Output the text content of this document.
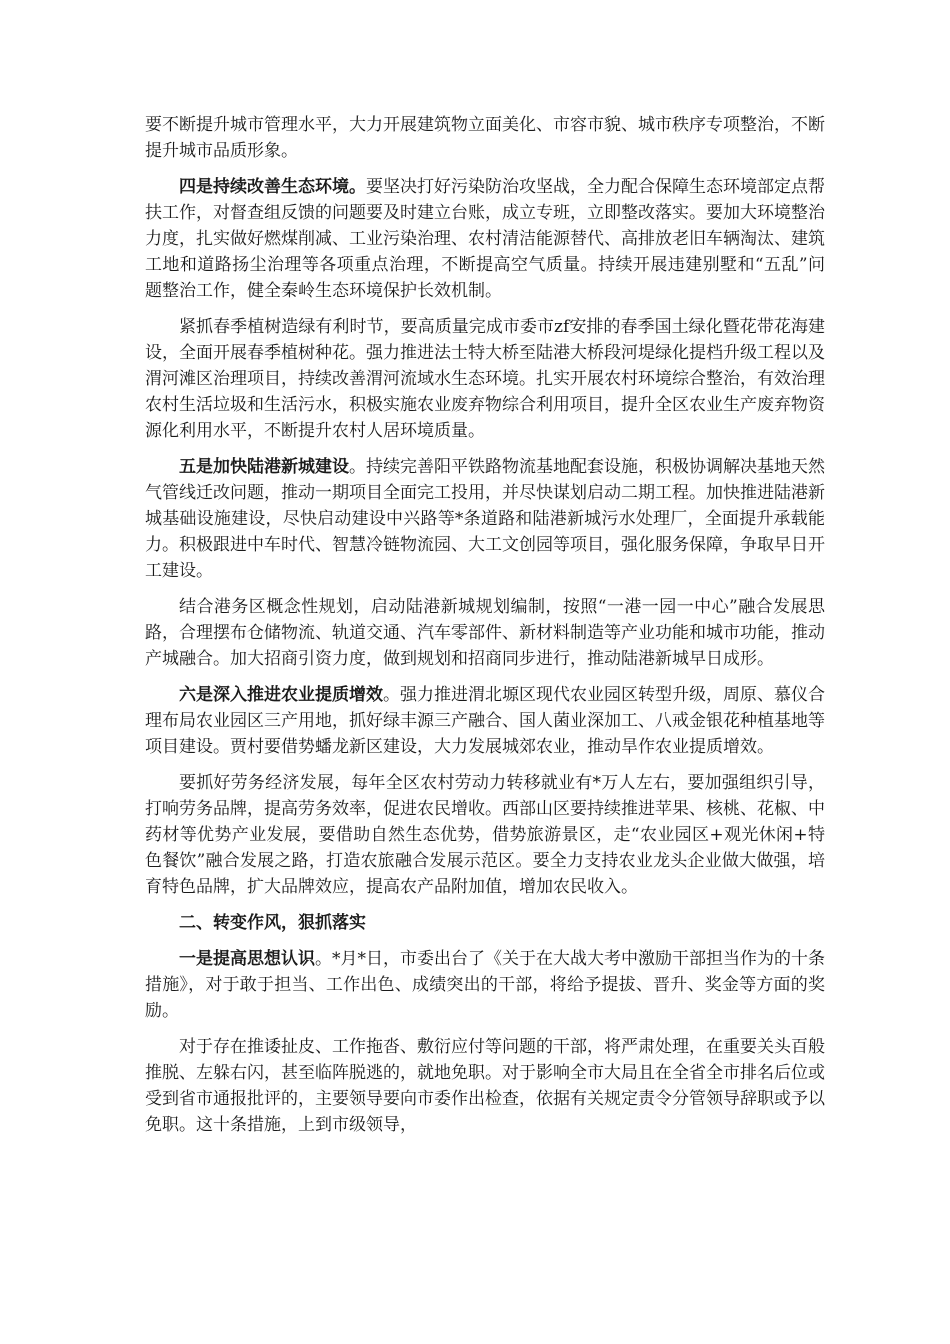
要不断提升城市管理水平，大力开展建筑物立面美化、市容市貌、城市秩序专项整治，不断提升城市品质形象。

四是持续改善生态环境。要坚决打好污染防治攻坚战，全力配合保障生态环境部定点帮扶工作，对督查组反馈的问题要及时建立台账，成立专班，立即整改落实。要加大环境整治力度，扎实做好燃煤削减、工业污染治理、农村清洁能源替代、高排放老旧车辆淘汰、建筑工地和道路扬尘治理等各项重点治理，不断提高空气质量。持续开展违建别墅和“五乱”问题整治工作，健全秦岭生态环境保护长效机制。

紧抓春季植树造绿有利时节，要高质量完成市委市zf安排的春季国土绿化暨花带花海建设，全面开展春季植树种花。强力推进法士特大桥至陆港大桥段河堤绿化提档升级工程以及渭河滩区治理项目，持续改善渭河流域水生态环境。扎实开展农村环境综合整治，有效治理农村生活垃圾和生活污水，积极实施农业废弃物综合利用项目，提升全区农业生产废弃物资源化利用水平，不断提升农村人居环境质量。

五是加快陆港新城建设。持续完善阳平铁路物流基地配套设施，积极协调解决基地天然气管线迁改问题，推动一期项目全面完工投用，并尽快谋划启动二期工程。加快推进陆港新城基础设施建设，尽快启动建设中兴路等*条道路和陆港新城污水处理厂，全面提升承载能力。积极跟进中车时代、智慧冷链物流园、大工文创园等项目，强化服务保障，争取早日开工建设。

结合港务区概念性规划，启动陆港新城规划编制，按照“一港一园一中心”融合发展思路，合理摆布仓储物流、轨道交通、汽车零部件、新材料制造等产业功能和城市功能，推动产城融合。加大招商引资力度，做到规划和招商同步进行，推动陆港新城早日成形。

六是深入推进农业提质增效。强力推进渭北塬区现代农业园区转型升级，周原、慕仪合理布局农业园区三产用地，抓好绿丰源三产融合、国人菌业深加工、八戒金银花种植基地等项目建设。贾村要借势蟠龙新区建设，大力发展城郊农业，推动旱作农业提质增效。

要抓好劳务经济发展，每年全区农村劳动力转移就业有*万人左右，要加强组织引导，打响劳务品牌，提高劳务效率，促进农民增收。西部山区要持续推进苹果、核桃、花椒、中药材等优势产业发展，要借助自然生态优势，借势旅游景区，走“农业园区+观光休闲+特色餐饮”融合发展之路，打造农旅融合发展示范区。要全力支持农业龙头企业做大做强，培育特色品牌，扩大品牌效应，提高农产品附加值，增加农民收入。

二、转变作风，狠抓落实

一是提高思想认识。*月*日，市委出台了《关于在大战大考中激励干部担当作为的十条措施》，对于敢于担当、工作出色、成绩突出的干部，将给予提拔、晋升、奖金等方面的奖励。

对于存在推诿扯皮、工作拖沓、敷衍应付等问题的干部，将严肃处理，在重要关头百般推脱、左躲右闪，甚至临阵脱逃的，就地免职。对于影响全市大局且在全省全市排名后位或受到省市通报批评的，主要领导要向市委作出检查，依据有关规定责令分管领导辞职或予以免职。这十条措施，上到市级领导，
